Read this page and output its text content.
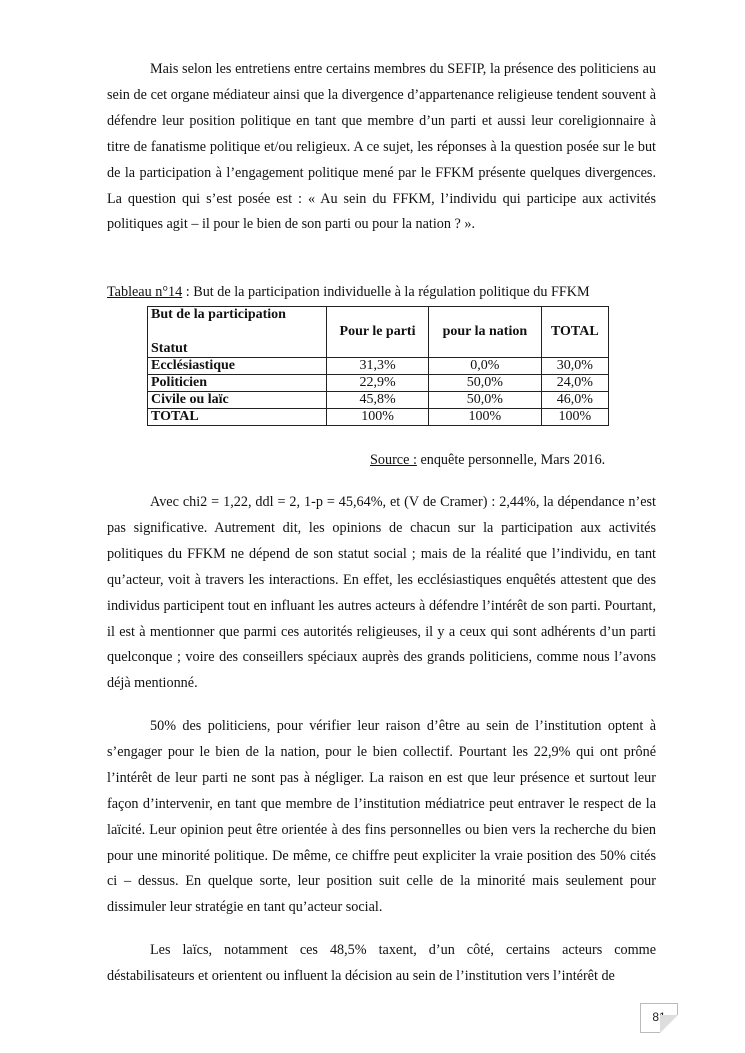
Mais selon les entretiens entre certains membres du SEFIP, la présence des politiciens au sein de cet organe médiateur ainsi que la divergence d’appartenance religieuse tendent souvent à défendre leur position politique en tant que membre d’un parti et aussi leur coreligionnaire à titre de fanatisme politique et/ou religieux. A ce sujet, les réponses à la question posée sur le but de la participation à l’engagement politique mené par le FFKM présente quelques divergences. La question qui s’est posée est : « Au sein du FFKM, l’individu qui participe aux activités politiques agit – il pour le bien de son parti ou pour la nation ? ».

Tableau n°14 : But de la participation individuelle à la régulation politique du FFKM

But de la participation
Statut	Pour le parti	pour la nation	TOTAL
Ecclésiastique	31,3%	0,0%	30,0%
Politicien	22,9%	50,0%	24,0%
Civile ou laïc	45,8%	50,0%	46,0%
TOTAL	100%	100%	100%

Source : enquête personnelle, Mars 2016.

Avec chi2 = 1,22, ddl = 2, 1-p = 45,64%, et (V de Cramer) : 2,44%, la dépendance n’est pas significative. Autrement dit, les opinions de chacun sur la participation aux activités politiques du FFKM ne dépend de son statut social ; mais de la réalité que l’individu, en tant qu’acteur, voit à travers les interactions. En effet, les ecclésiastiques enquêtés attestent que des individus participent tout en influant les autres acteurs à défendre l’intérêt de son parti. Pourtant, il est à mentionner que parmi ces autorités religieuses, il y a ceux qui sont adhérents d’un parti quelconque ; voire des conseillers spéciaux auprès des grands politiciens, comme nous l’avons déjà mentionné.

50% des politiciens, pour vérifier leur raison d’être au sein de l’institution optent à s’engager pour le bien de la nation, pour le bien collectif. Pourtant les 22,9% qui ont prôné l’intérêt de leur parti ne sont pas à négliger. La raison en est que leur présence et surtout leur façon d’intervenir, en tant que membre de l’institution médiatrice peut entraver le respect de la laïcité. Leur opinion peut être orientée à des fins personnelles ou bien vers la recherche du bien pour une minorité politique. De même, ce chiffre peut expliciter la vraie position des 50% cités ci – dessus. En quelque sorte, leur position suit celle de la minorité mais seulement pour dissimuler leur stratégie en tant qu’acteur social.

Les laïcs, notamment ces 48,5% taxent, d’un côté, certains acteurs comme déstabilisateurs et orientent ou influent la décision au sein de l’institution vers l’intérêt de

81
